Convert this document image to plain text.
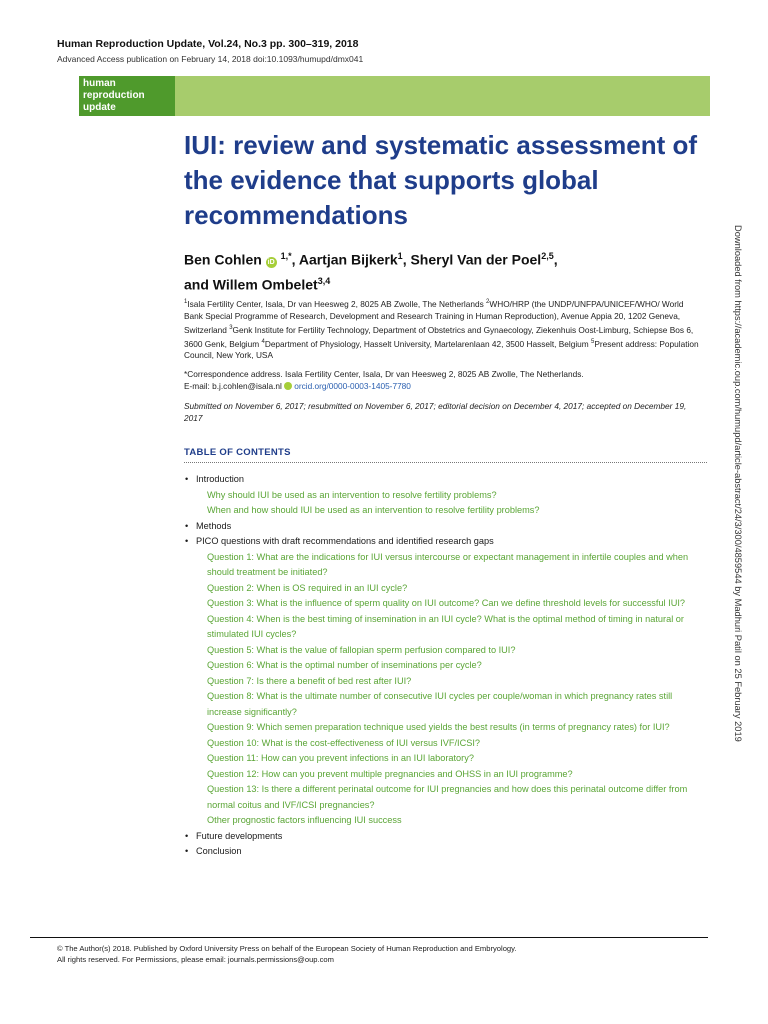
Human Reproduction Update, Vol.24, No.3 pp. 300–319, 2018
Advanced Access publication on February 14, 2018 doi:10.1093/humupd/dmx041
human
reproduction
update
IUI: review and systematic assessment of the evidence that supports global recommendations
Ben Cohlen iD $^{1,*}$, Aartjan Bijkerk$^1$, Sheryl Van der Poel$^{2,5}$,
and Willem Ombelet$^{3,4}$
$^1$Isala Fertility Center, Isala, Dr van Heesweg 2, 8025 AB Zwolle, The Netherlands $^2$WHO/HRP (the UNDP/UNFPA/UNICEF/WHO/ World Bank Special Programme of Research, Development and Research Training in Human Reproduction), Avenue Appia 20, 1202 Geneva, Switzerland $^3$Genk Institute for Fertility Technology, Department of Obstetrics and Gynaecology, Ziekenhuis Oost-Limburg, Schiepse Bos 6, 3600 Genk, Belgium $^4$Department of Physiology, Hasselt University, Martelarenlaan 42, 3500 Hasselt, Belgium $^5$Present address: Population Council, New York, USA
*Correspondence address. Isala Fertility Center, Isala, Dr van Heesweg 2, 8025 AB Zwolle, The Netherlands.
E-mail: b.j.cohlen@isala.nl orcid.org/0000-0003-1405-7780
Submitted on November 6, 2017; resubmitted on November 6, 2017; editorial decision on December 4, 2017; accepted on December 19, 2017
TABLE OF CONTENTS
• Introduction
Why should IUI be used as an intervention to resolve fertility problems?
When and how should IUI be used as an intervention to resolve fertility problems?
• Methods
• PICO questions with draft recommendations and identified research gaps
Question 1: What are the indications for IUI versus intercourse or expectant management in infertile couples and when should treatment be initiated?
Question 2: When is OS required in an IUI cycle?
Question 3: What is the influence of sperm quality on IUI outcome? Can we define threshold levels for successful IUI?
Question 4: When is the best timing of insemination in an IUI cycle? What is the optimal method of timing in natural or stimulated IUI cycles?
Question 5: What is the value of fallopian sperm perfusion compared to IUI?
Question 6: What is the optimal number of inseminations per cycle?
Question 7: Is there a benefit of bed rest after IUI?
Question 8: What is the ultimate number of consecutive IUI cycles per couple/woman in which pregnancy rates still increase significantly?
Question 9: Which semen preparation technique used yields the best results (in terms of pregnancy rates) for IUI?
Question 10: What is the cost-effectiveness of IUI versus IVF/ICSI?
Question 11: How can you prevent infections in an IUI laboratory?
Question 12: How can you prevent multiple pregnancies and OHSS in an IUI programme?
Question 13: Is there a different perinatal outcome for IUI pregnancies and how does this perinatal outcome differ from normal coitus and IVF/ICSI pregnancies?
Other prognostic factors influencing IUI success
• Future developments
• Conclusion
Downloaded from https://academic.oup.com/humupd/article-abstract/24/3/300/4859544 by Madhuri Patil on 25 February 2019
© The Author(s) 2018. Published by Oxford University Press on behalf of the European Society of Human Reproduction and Embryology.
All rights reserved. For Permissions, please email: journals.permissions@oup.com
